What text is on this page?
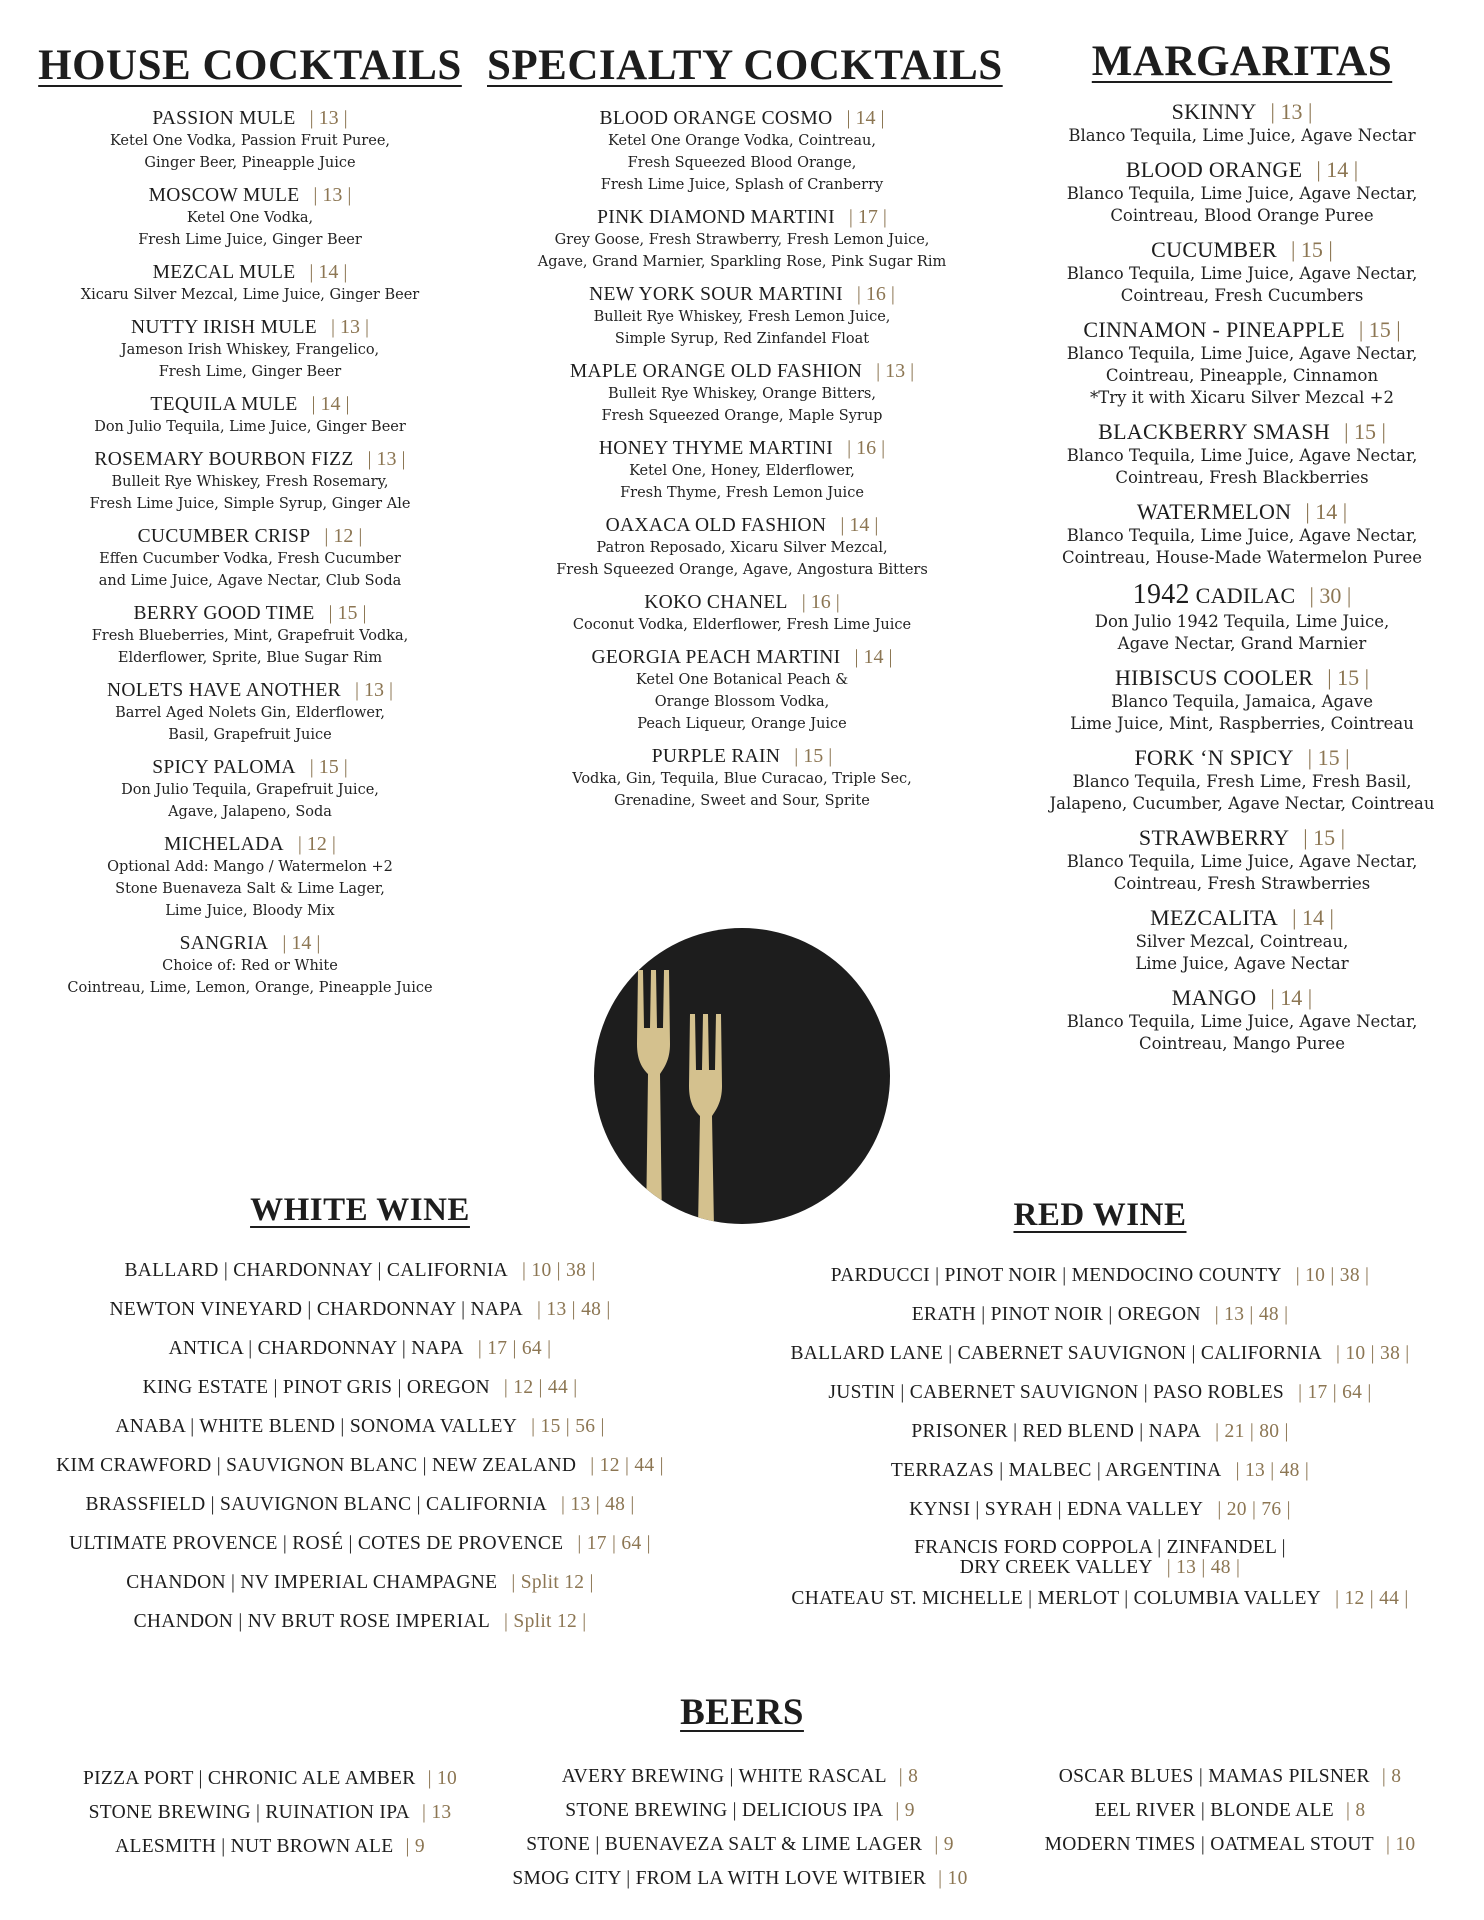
HOUSE COCKTAILS
PASSION MULE | 13 |
Ketel One Vodka, Passion Fruit Puree,
Ginger Beer, Pineapple Juice
MOSCOW MULE | 13 |
Ketel One Vodka,
Fresh Lime Juice, Ginger Beer
MEZCAL MULE | 14 |
Xicaru Silver Mezcal, Lime Juice, Ginger Beer
NUTTY IRISH MULE | 13 |
Jameson Irish Whiskey, Frangelico,
Fresh Lime, Ginger Beer
TEQUILA MULE | 14 |
Don Julio Tequila, Lime Juice, Ginger Beer
ROSEMARY BOURBON FIZZ | 13 |
Bulleit Rye Whiskey, Fresh Rosemary,
Fresh Lime Juice, Simple Syrup, Ginger Ale
CUCUMBER CRISP | 12 |
Effen Cucumber Vodka, Fresh Cucumber
and Lime Juice, Agave Nectar, Club Soda
BERRY GOOD TIME | 15 |
Fresh Blueberries, Mint, Grapefruit Vodka,
Elderflower, Sprite, Blue Sugar Rim
NOLETS HAVE ANOTHER | 13 |
Barrel Aged Nolets Gin, Elderflower,
Basil, Grapefruit Juice
SPICY PALOMA | 15 |
Don Julio Tequila, Grapefruit Juice,
Agave, Jalapeno, Soda
MICHELADA | 12 |
Optional Add: Mango / Watermelon +2
Stone Buenaveza Salt & Lime Lager,
Lime Juice, Bloody Mix
SANGRIA | 14 |
Choice of: Red or White
Cointreau, Lime, Lemon, Orange, Pineapple Juice
SPECIALTY COCKTAILS
BLOOD ORANGE COSMO | 14 |
Ketel One Orange Vodka, Cointreau,
Fresh Squeezed Blood Orange,
Fresh Lime Juice, Splash of Cranberry
PINK DIAMOND MARTINI | 17 |
Grey Goose, Fresh Strawberry, Fresh Lemon Juice,
Agave, Grand Marnier, Sparkling Rose, Pink Sugar Rim
NEW YORK SOUR MARTINI | 16 |
Bulleit Rye Whiskey, Fresh Lemon Juice,
Simple Syrup, Red Zinfandel Float
MAPLE ORANGE OLD FASHION | 13 |
Bulleit Rye Whiskey, Orange Bitters,
Fresh Squeezed Orange, Maple Syrup
HONEY THYME MARTINI | 16 |
Ketel One, Honey, Elderflower,
Fresh Thyme, Fresh Lemon Juice
OAXACA OLD FASHION | 14 |
Patron Reposado, Xicaru Silver Mezcal,
Fresh Squeezed Orange, Agave, Angostura Bitters
KOKO CHANEL | 16 |
Coconut Vodka, Elderflower, Fresh Lime Juice
GEORGIA PEACH MARTINI | 14 |
Ketel One Botanical Peach &
Orange Blossom Vodka,
Peach Liqueur, Orange Juice
PURPLE RAIN | 15 |
Vodka, Gin, Tequila, Blue Curacao, Triple Sec,
Grenadine, Sweet and Sour, Sprite
MARGARITAS
SKINNY | 13 |
Blanco Tequila, Lime Juice, Agave Nectar
BLOOD ORANGE | 14 |
Blanco Tequila, Lime Juice, Agave Nectar,
Cointreau, Blood Orange Puree
CUCUMBER | 15 |
Blanco Tequila, Lime Juice, Agave Nectar,
Cointreau, Fresh Cucumbers
CINNAMON - PINEAPPLE | 15 |
Blanco Tequila, Lime Juice, Agave Nectar,
Cointreau, Pineapple, Cinnamon
*Try it with Xicaru Silver Mezcal +2
BLACKBERRY SMASH | 15 |
Blanco Tequila, Lime Juice, Agave Nectar,
Cointreau, Fresh Blackberries
WATERMELON | 14 |
Blanco Tequila, Lime Juice, Agave Nectar,
Cointreau, House-Made Watermelon Puree
1942 CADILAC | 30 |
Don Julio 1942 Tequila, Lime Juice,
Agave Nectar, Grand Marnier
HIBISCUS COOLER | 15 |
Blanco Tequila, Jamaica, Agave
Lime Juice, Mint, Raspberries, Cointreau
FORK ‘N SPICY | 15 |
Blanco Tequila, Fresh Lime, Fresh Basil,
Jalapeno, Cucumber, Agave Nectar, Cointreau
STRAWBERRY | 15 |
Blanco Tequila, Lime Juice, Agave Nectar,
Cointreau, Fresh Strawberries
MEZCALITA | 14 |
Silver Mezcal, Cointreau,
Lime Juice, Agave Nectar
MANGO | 14 |
Blanco Tequila, Lime Juice, Agave Nectar,
Cointreau, Mango Puree
WHITE WINE
BALLARD | CHARDONNAY | CALIFORNIA | 10 | 38 |
NEWTON VINEYARD | CHARDONNAY | NAPA | 13 | 48 |
ANTICA | CHARDONNAY | NAPA | 17 | 64 |
KING ESTATE | PINOT GRIS | OREGON | 12 | 44 |
ANABA | WHITE BLEND | SONOMA VALLEY | 15 | 56 |
KIM CRAWFORD | SAUVIGNON BLANC | NEW ZEALAND | 12 | 44 |
BRASSFIELD | SAUVIGNON BLANC | CALIFORNIA | 13 | 48 |
ULTIMATE PROVENCE | ROSÉ | COTES DE PROVENCE | 17 | 64 |
CHANDON | NV IMPERIAL CHAMPAGNE | Split 12 |
CHANDON | NV BRUT ROSE IMPERIAL | Split 12 |
RED WINE
PARDUCCI | PINOT NOIR | MENDOCINO COUNTY | 10 | 38 |
ERATH | PINOT NOIR | OREGON | 13 | 48 |
BALLARD LANE | CABERNET SAUVIGNON | CALIFORNIA | 10 | 38 |
JUSTIN | CABERNET SAUVIGNON | PASO ROBLES | 17 | 64 |
PRISONER | RED BLEND | NAPA | 21 | 80 |
TERRAZAS | MALBEC | ARGENTINA | 13 | 48 |
KYNSI | SYRAH | EDNA VALLEY | 20 | 76 |
FRANCIS FORD COPPOLA | ZINFANDEL |
DRY CREEK VALLEY | 13 | 48 |
CHATEAU ST. MICHELLE | MERLOT | COLUMBIA VALLEY | 12 | 44 |
BEERS
PIZZA PORT | CHRONIC ALE AMBER | 10
STONE BREWING | RUINATION IPA | 13
ALESMITH | NUT BROWN ALE | 9
AVERY BREWING | WHITE RASCAL | 8
STONE BREWING | DELICIOUS IPA | 9
STONE | BUENAVEZA SALT & LIME LAGER | 9
SMOG CITY | FROM LA WITH LOVE WITBIER | 10
OSCAR BLUES | MAMAS PILSNER | 8
EEL RIVER | BLONDE ALE | 8
MODERN TIMES | OATMEAL STOUT | 10
